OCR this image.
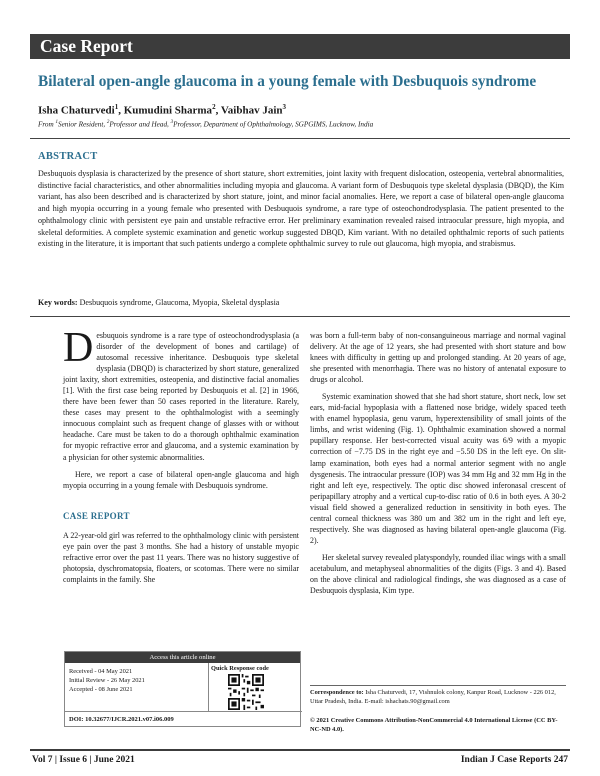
Case Report
Bilateral open-angle glaucoma in a young female with Desbuquois syndrome
Isha Chaturvedi$^1$, Kumudini Sharma$^2$, Vaibhav Jain$^3$
From $^1$Senior Resident, $^2$Professor and Head, $^3$Professor, Department of Ophthalmology, SGPGIMS, Lucknow, India
ABSTRACT
Desbuquois dysplasia is characterized by the presence of short stature, short extremities, joint laxity with frequent dislocation, osteopenia, vertebral abnormalities, distinctive facial characteristics, and other abnormalities including myopia and glaucoma. A variant form of Desbuquois type skeletal dysplasia (DBQD), the Kim variant, has also been described and is characterized by short stature, joint, and minor facial anomalies. Here, we report a case of bilateral open-angle glaucoma and high myopia occurring in a young female who presented with Desbuquois syndrome, a rare type of osteochondrodysplasia. The patient presented to the ophthalmology clinic with persistent eye pain and unstable refractive error. Her preliminary examination revealed raised intraocular pressure, high myopia, and skeletal deformities. A complete systemic examination and genetic workup suggested DBQD, Kim variant. With no detailed ophthalmic reports of such patients existing in the literature, it is important that such patients undergo a complete ophthalmic survey to rule out glaucoma, high myopia, and strabismus.
Key words: Desbuquois syndrome, Glaucoma, Myopia, Skeletal dysplasia

Desbuquois syndrome is a rare type of osteochondrodysplasia (a disorder of the development of bones and cartilage) of autosomal recessive inheritance. Desbuquois type skeletal dysplasia (DBQD) is characterized by short stature, generalized joint laxity, short extremities, osteopenia, and distinctive facial anomalies [1]. With the first case being reported by Desbuquois et al. [2] in 1966, there have been fewer than 50 cases reported in the literature. Rarely, these cases may present to the ophthalmologist with a seemingly innocuous complaint such as frequent change of glasses with or without headache. Care must be taken to do a thorough ophthalmic examination for myopic refractive error and glaucoma, and a systemic examination by a physician for other systemic abnormalities.

Here, we report a case of bilateral open-angle glaucoma and high myopia occurring in a young female with Desbuquois syndrome.

CASE REPORT

A 22-year-old girl was referred to the ophthalmology clinic with persistent eye pain over the past 3 months. She had a history of unstable myopic refractive error over the past 11 years. There was no history suggestive of photopsia, dyschromatopsia, floaters, or scotomas. There were no similar complaints in the family. She

was born a full-term baby of non-consanguineous marriage and normal vaginal delivery. At the age of 12 years, she had presented with short stature and bow knees with difficulty in getting up and prolonged standing. At 20 years of age, she presented with menorrhagia. There was no history of antenatal exposure to drugs or alcohol.

Systemic examination showed that she had short stature, short neck, low set ears, mid-facial hypoplasia with a flattened nose bridge, widely spaced teeth with enamel hypoplasia, genu varum, hyperextensibility of small joints of the limbs, and wrist widening (Fig. 1). Ophthalmic examination showed a normal pupillary response. Her best-corrected visual acuity was 6/9 with a myopic correction of −7.75 DS in the right eye and −5.50 DS in the left eye. On slit-lamp examination, both eyes had a normal anterior segment with no angle dysgenesis. The intraocular pressure (IOP) was 34 mm Hg and 32 mm Hg in the right and left eye, respectively. The optic disc showed inferonasal crescent of peripapillary atrophy and a vertical cup-to-disc ratio of 0.6 in both eyes. A 30-2 visual field showed a generalized reduction in sensitivity in both eyes. The central corneal thickness was 380 um and 382 um in the right and left eye, respectively. She was diagnosed as having bilateral open-angle glaucoma (Fig. 2).

Her skeletal survey revealed platyspondyly, rounded iliac wings with a small acetabulum, and metaphyseal abnormalities of the digits (Figs. 3 and 4). Based on the above clinical and radiological findings, she was diagnosed as a case of Desbuquois dysplasia, Kim type.

Access this article online
Received - 04 May 2021
Initial Review - 26 May 2021
Accepted - 08 June 2021
Quick Response code
DOI: 10.32677/IJCR.2021.v07.i06.009
Correspondence to: Isha Chaturvedi, 17, Vishnulok colony, Kanpur Road, Lucknow - 226 012, Uttar Pradesh, India. E-mail: ishachats.90@gmail.com
© 2021 Creative Commons Attribution-NonCommercial 4.0 International License (CC BY-NC-ND 4.0).
Vol 7 | Issue 6 | June 2021	Indian J Case Reports 247
